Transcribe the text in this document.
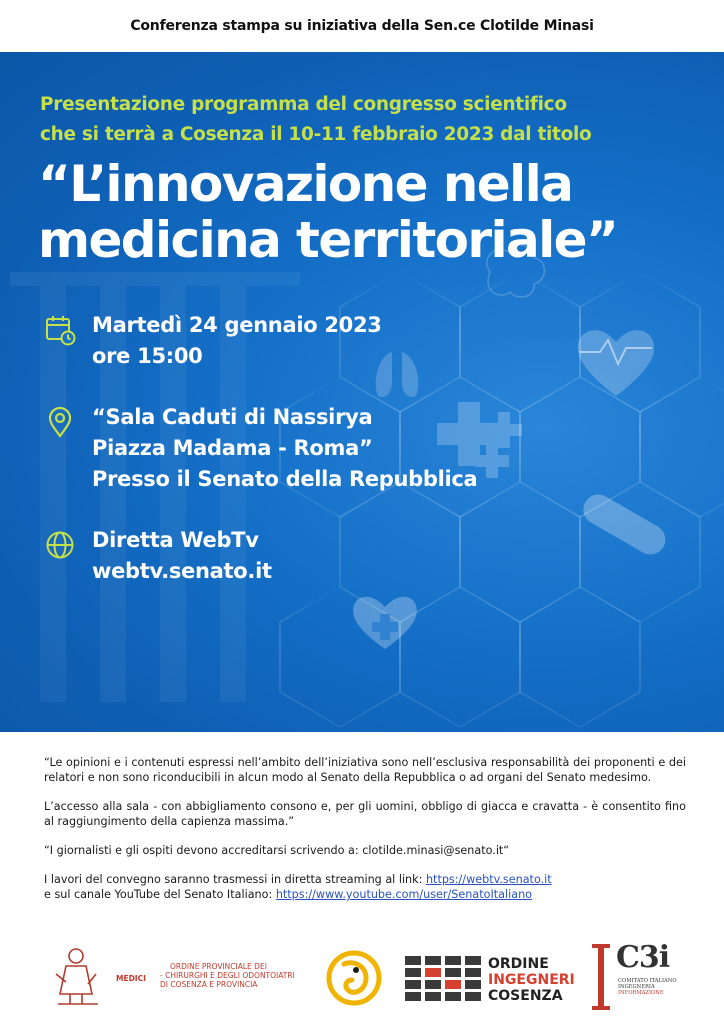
Conferenza stampa su iniziativa della Sen.ce Clotilde Minasi
Presentazione programma del congresso scientifico
che si terrà a Cosenza il 10-11 febbraio 2023 dal titolo
“L’innovazione nella
medicina territoriale”
Martedì 24 gennaio 2023
ore 15:00
“Sala Caduti di Nassirya
Piazza Madama - Roma”
Presso il Senato della Repubblica
Diretta WebTv
webtv.senato.it

“Le opinioni e i contenuti espressi nell’ambito dell’iniziativa sono nell’esclusiva responsabilità dei proponenti e dei relatori e non sono riconducibili in alcun modo al Senato della Repubblica o ad organi del Senato medesimo.

L’accesso alla sala - con abbigliamento consono e, per gli uomini, obbligo di giacca e cravatta - è consentito fino al raggiungimento della capienza massima.”

“I giornalisti e gli ospiti devono accreditarsi scrivendo a: clotilde.minasi@senato.it“

I lavori del convegno saranno trasmessi in diretta streaming al link: https://webtv.senato.it
e sul canale YouTube del Senato Italiano: https://www.youtube.com/user/SenatoItaliano

MEDICI
ORDINE PROVINCIALE DEI
- CHIRURGHI E DEGLI ODONTOIATRI
DI COSENZA E PROVINCIA
ORDINE
INGEGNERI
COSENZA
C3i
COMITATO ITALIANO
INGEGNERIA
INFORMAZIONE
